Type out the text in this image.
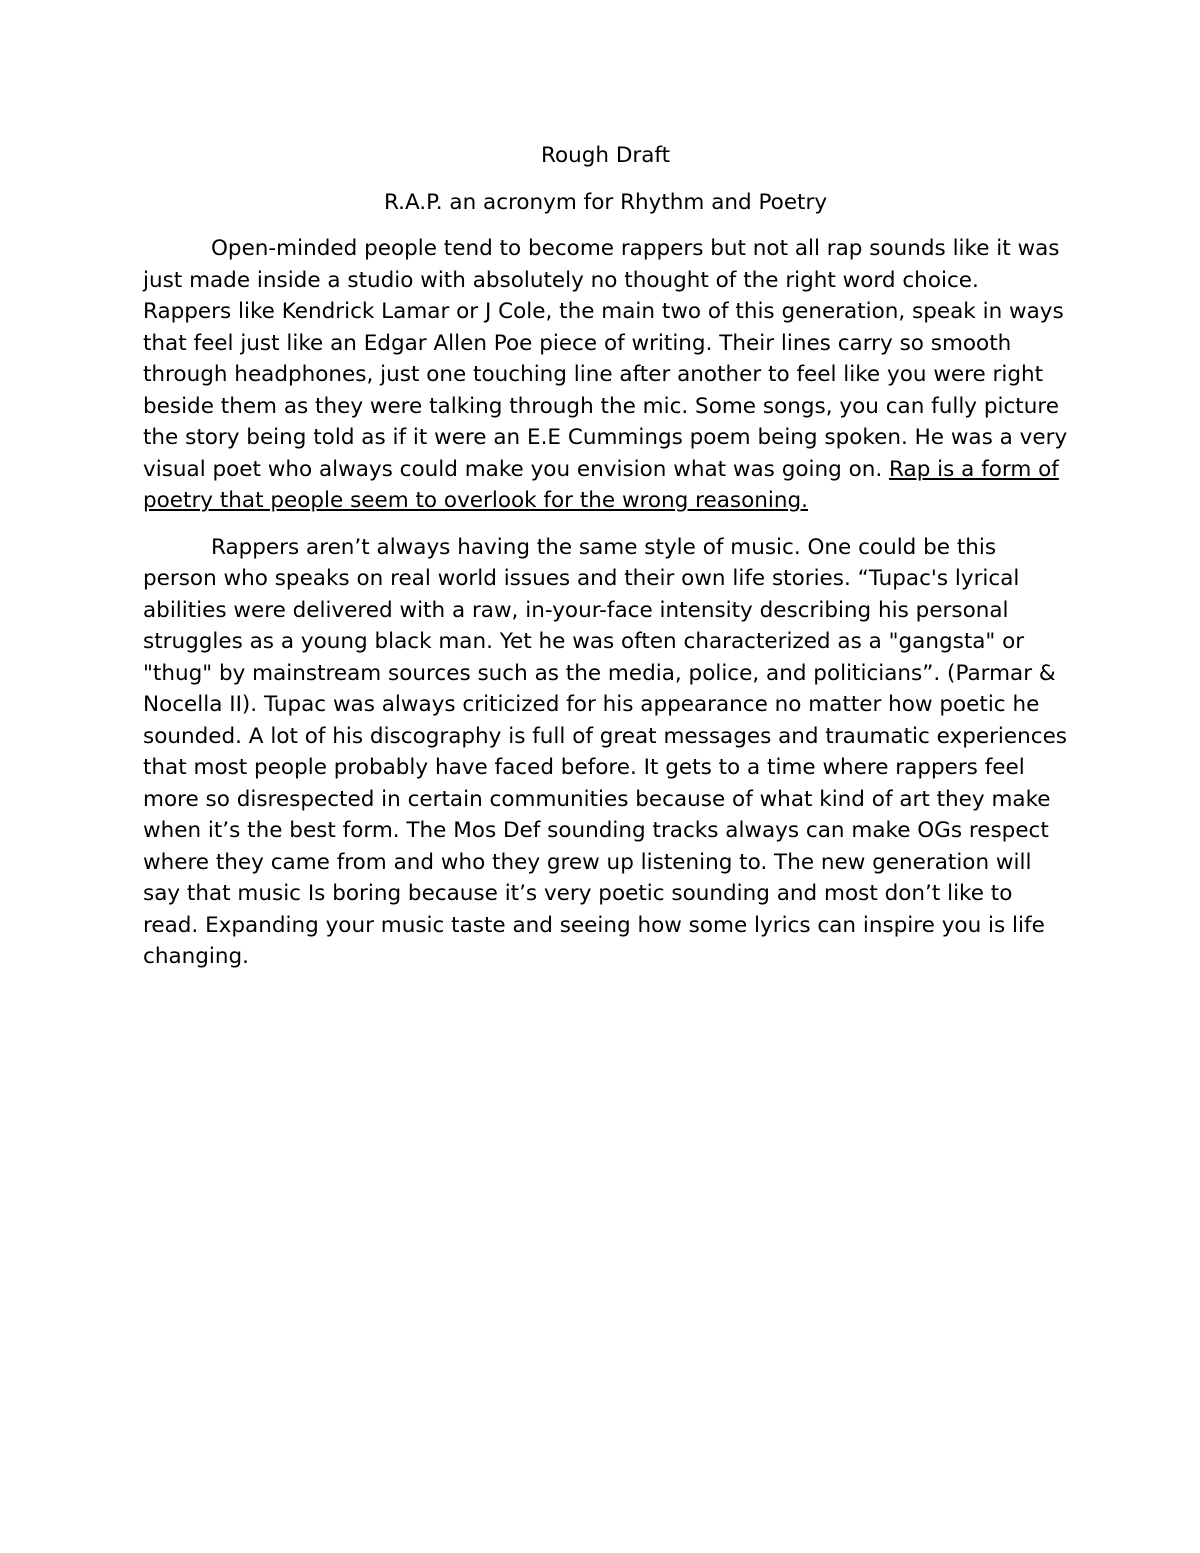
Rough Draft
R.A.P. an acronym for Rhythm and Poetry
Open-minded people tend to become rappers but not all rap sounds like it was just made inside a studio with absolutely no thought of the right word choice. Rappers like Kendrick Lamar or J Cole, the main two of this generation, speak in ways that feel just like an Edgar Allen Poe piece of writing. Their lines carry so smooth through headphones, just one touching line after another to feel like you were right beside them as they were talking through the mic. Some songs, you can fully picture the story being told as if it were an E.E Cummings poem being spoken. He was a very visual poet who always could make you envision what was going on. Rap is a form of poetry that people seem to overlook for the wrong reasoning.
Rappers aren’t always having the same style of music. One could be this person who speaks on real world issues and their own life stories. “Tupac's lyrical abilities were delivered with a raw, in-your-face intensity describing his personal struggles as a young black man. Yet he was often characterized as a "gangsta" or "thug" by mainstream sources such as the media, police, and politicians”. (Parmar & Nocella II). Tupac was always criticized for his appearance no matter how poetic he sounded. A lot of his discography is full of great messages and traumatic experiences that most people probably have faced before. It gets to a time where rappers feel more so disrespected in certain communities because of what kind of art they make when it’s the best form. The Mos Def sounding tracks always can make OGs respect where they came from and who they grew up listening to. The new generation will say that music Is boring because it’s very poetic sounding and most don’t like to read. Expanding your music taste and seeing how some lyrics can inspire you is life changing.
